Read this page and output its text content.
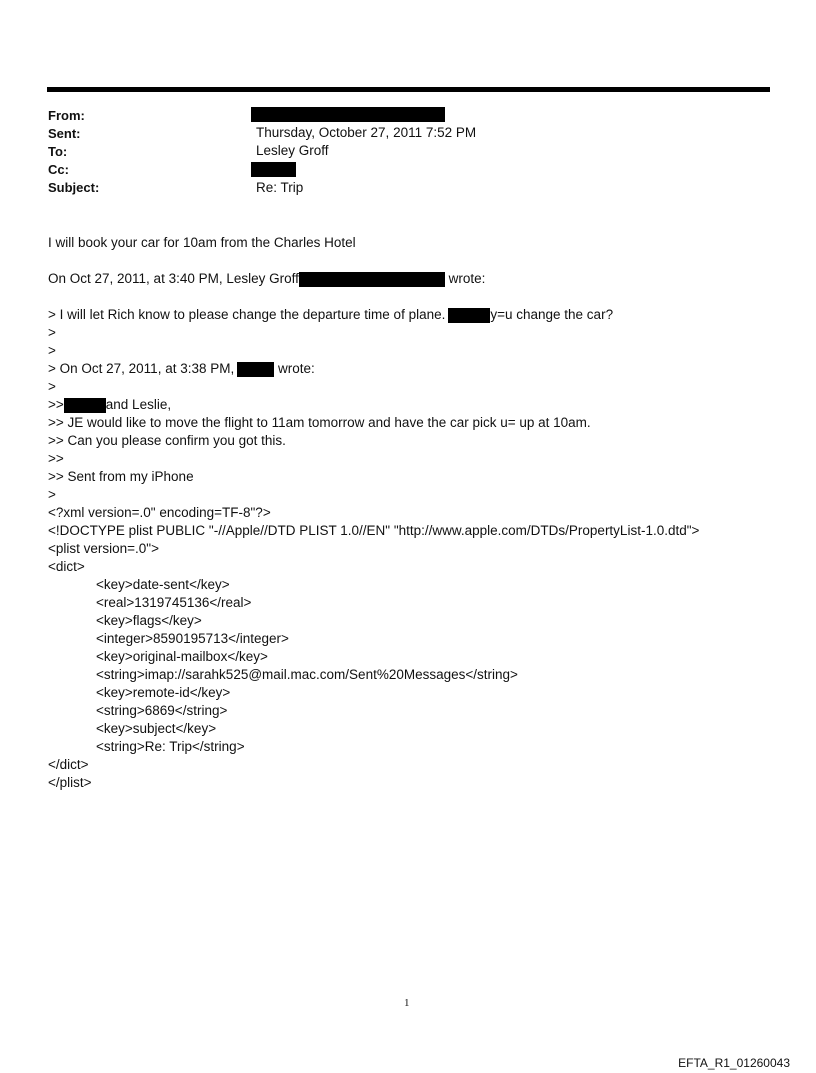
From:
Sent:	Thursday, October 27, 2011 7:52 PM
To:	Lesley Groff
Cc:
Subject:	Re: Trip
I will book your car for 10am from the Charles Hotel
On Oct 27, 2011, at 3:40 PM, Lesley Groff	wrote:
> I will let Rich know to please change the departure time of plane.	y=u change the car?
>
>
> On Oct 27, 2011, at 3:38 PM,	wrote:
>
>>	and Leslie,
>> JE would like to move the flight to 11am tomorrow and have the car pick u= up at 10am.
>> Can you please confirm you got this.
>>
>> Sent from my iPhone
>
<?xml version=.0" encoding=TF-8"?>
<!DOCTYPE plist PUBLIC "-//Apple//DTD PLIST 1.0//EN" "http://www.apple.com/DTDs/PropertyList-1.0.dtd">
<plist version=.0">
<dict>
<key>date-sent</key>
<real>1319745136</real>
<key>flags</key>
<integer>8590195713</integer>
<key>original-mailbox</key>
<string>imap://sarahk525@mail.mac.com/Sent%20Messages</string>
<key>remote-id</key>
<string>6869</string>
<key>subject</key>
<string>Re: Trip</string>
</dict>
</plist>
1
EFTA_R1_01260043
